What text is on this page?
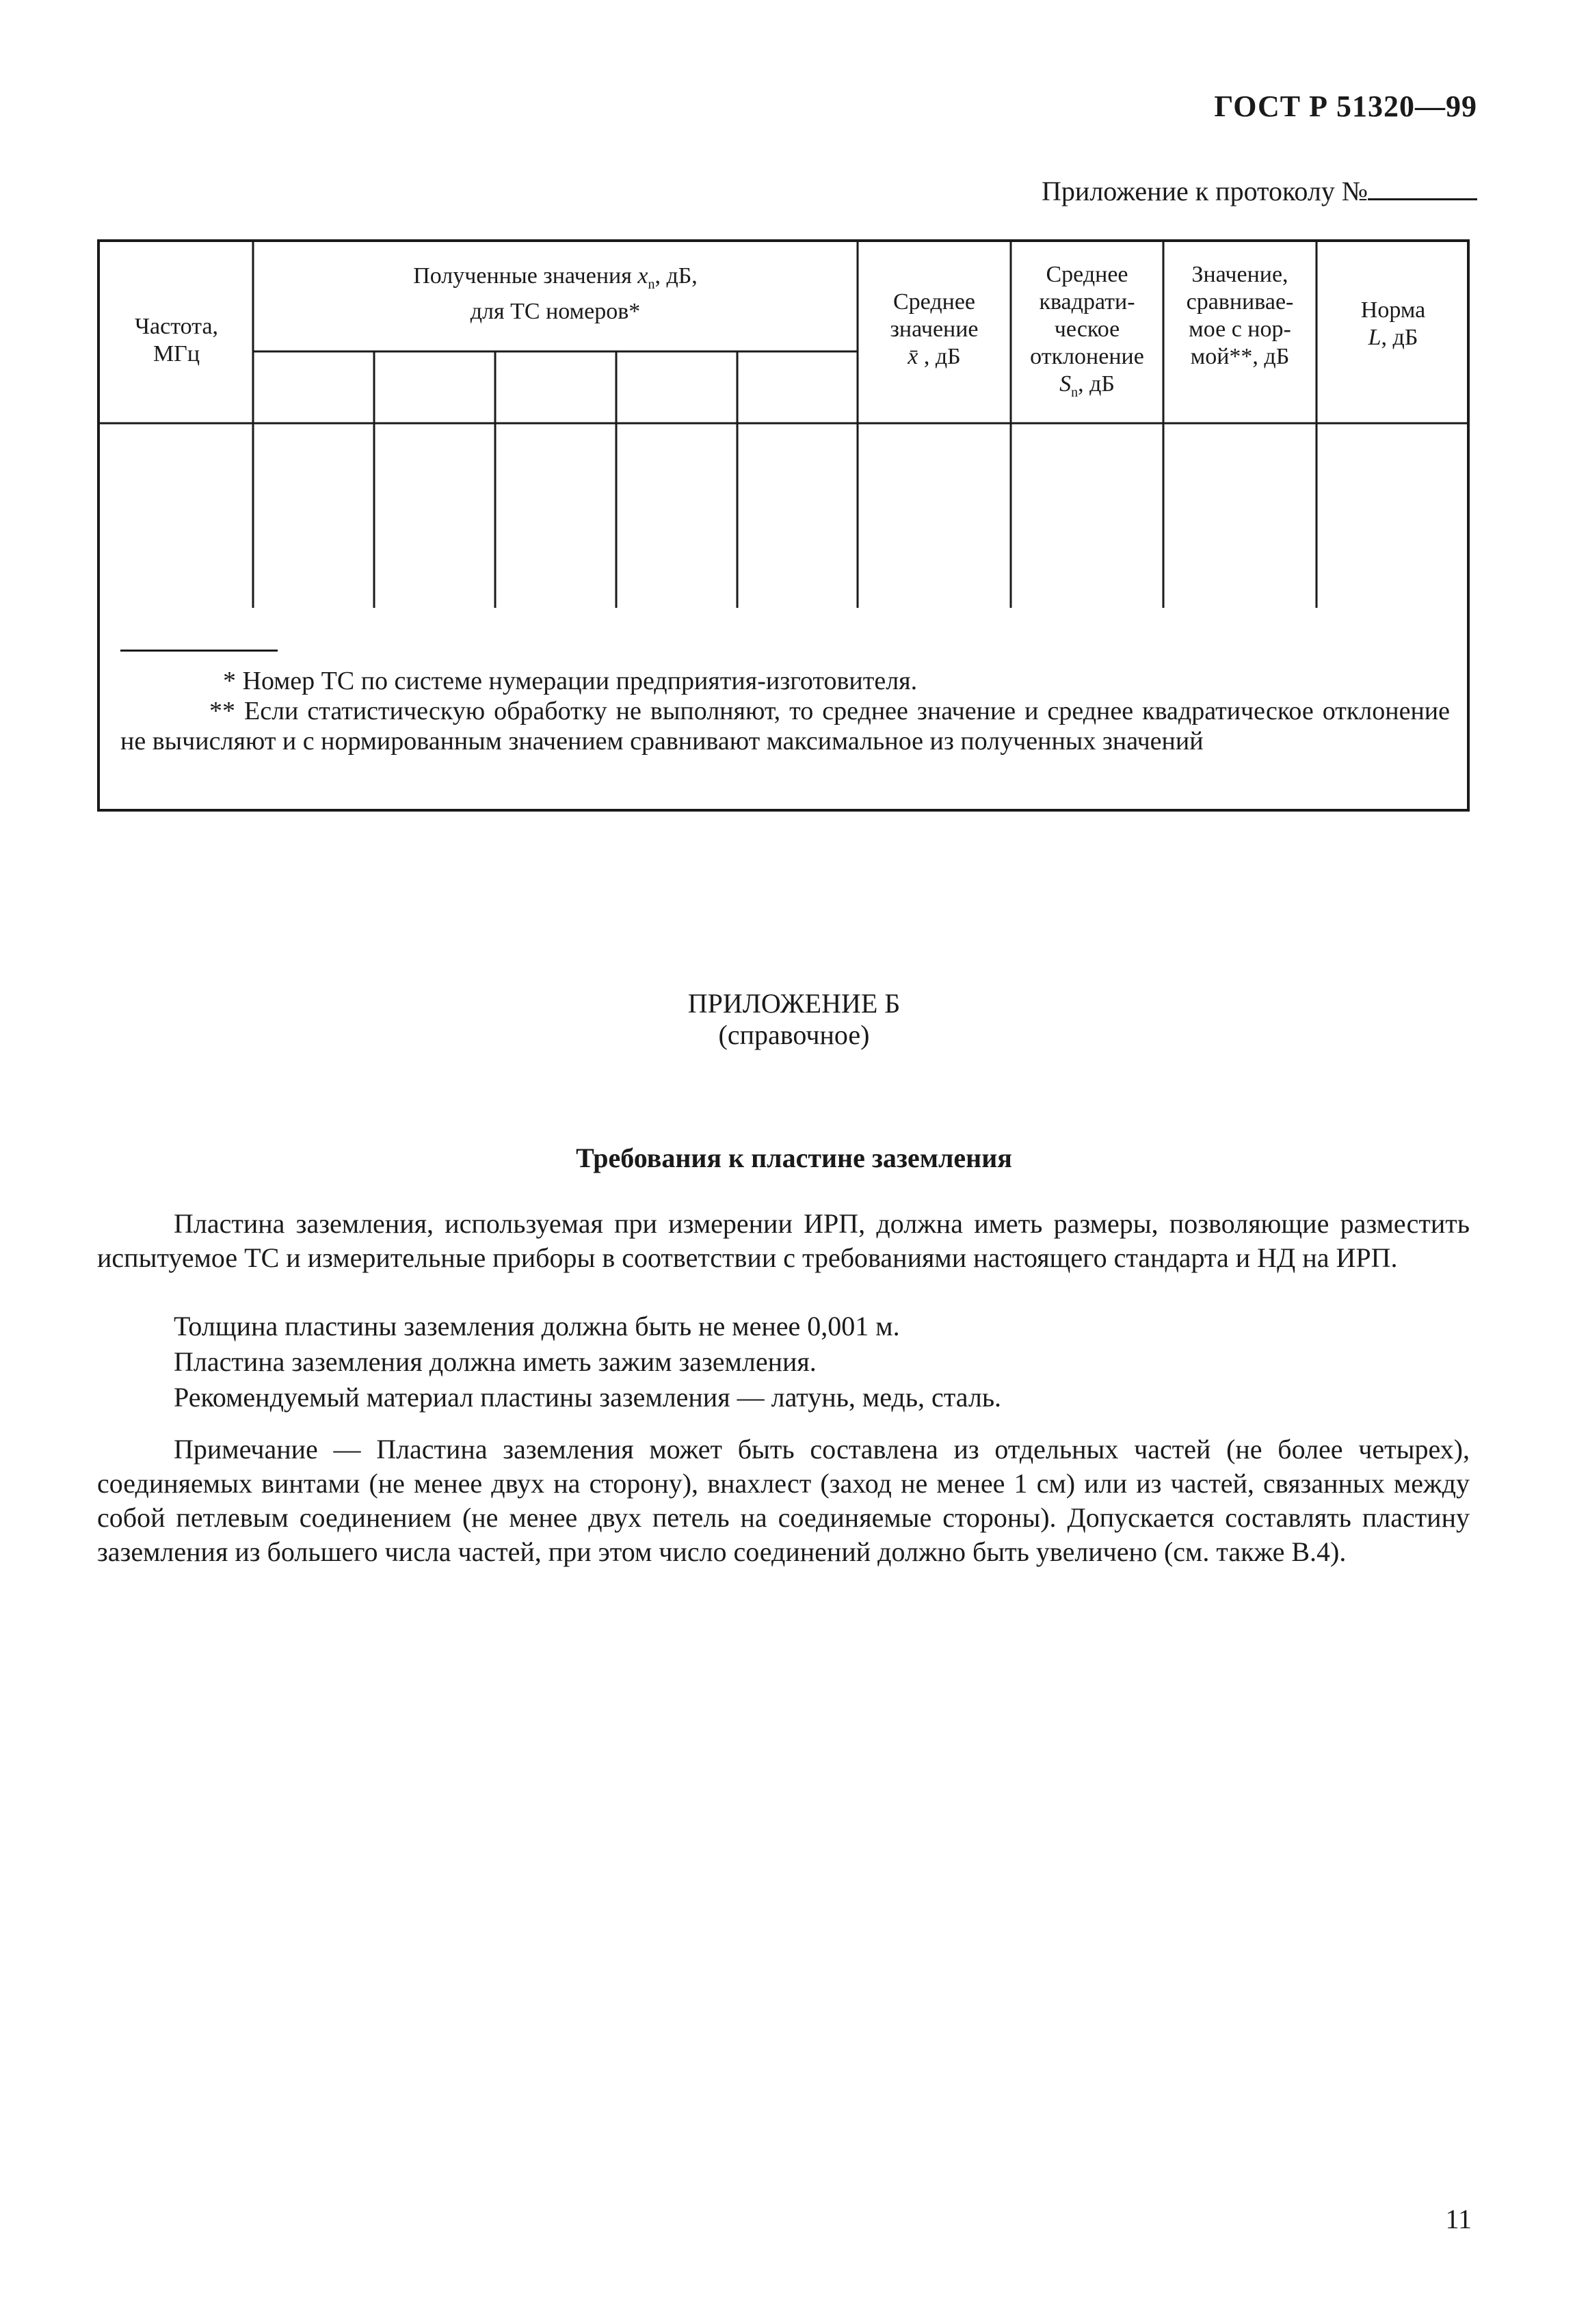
ГОСТ Р 51320—99
Приложение к протоколу №
Частота,
МГц
Полученные значения $x_n$, дБ,
для ТС номеров*	Среднее
значение
x̄ , дБ
Среднее
квадрати-
ческое
отклонение
$S_n$, дБ
Значение,
сравнивае-
мое с нор-
мой**, дБ
Норма
L, дБ
* Номер ТС по системе нумерации предприятия-изготовителя.
** Если статистическую обработку не выполняют, то среднее значение и среднее квадратическое отклонение не вычисляют и с нормированным значением сравнивают максимальное из полученных значений
ПРИЛОЖЕНИЕ Б
(справочное)
Требования к пластине заземления
Пластина заземления, используемая при измерении ИРП, должна иметь размеры, позволяющие разместить испытуемое ТС и измерительные приборы в соответствии с требованиями настоящего стандарта и НД на ИРП.
Толщина пластины заземления должна быть не менее 0,001 м.
Пластина заземления должна иметь зажим заземления.
Рекомендуемый материал пластины заземления — латунь, медь, сталь.
Примечание — Пластина заземления может быть составлена из отдельных частей (не более четырех), соединяемых винтами (не менее двух на сторону), внахлест (заход не менее 1 см) или из частей, связанных между собой петлевым соединением (не менее двух петель на соединяемые стороны). Допускается составлять пластину заземления из большего числа частей, при этом число соединений должно быть увеличено (см. также В.4).
11
